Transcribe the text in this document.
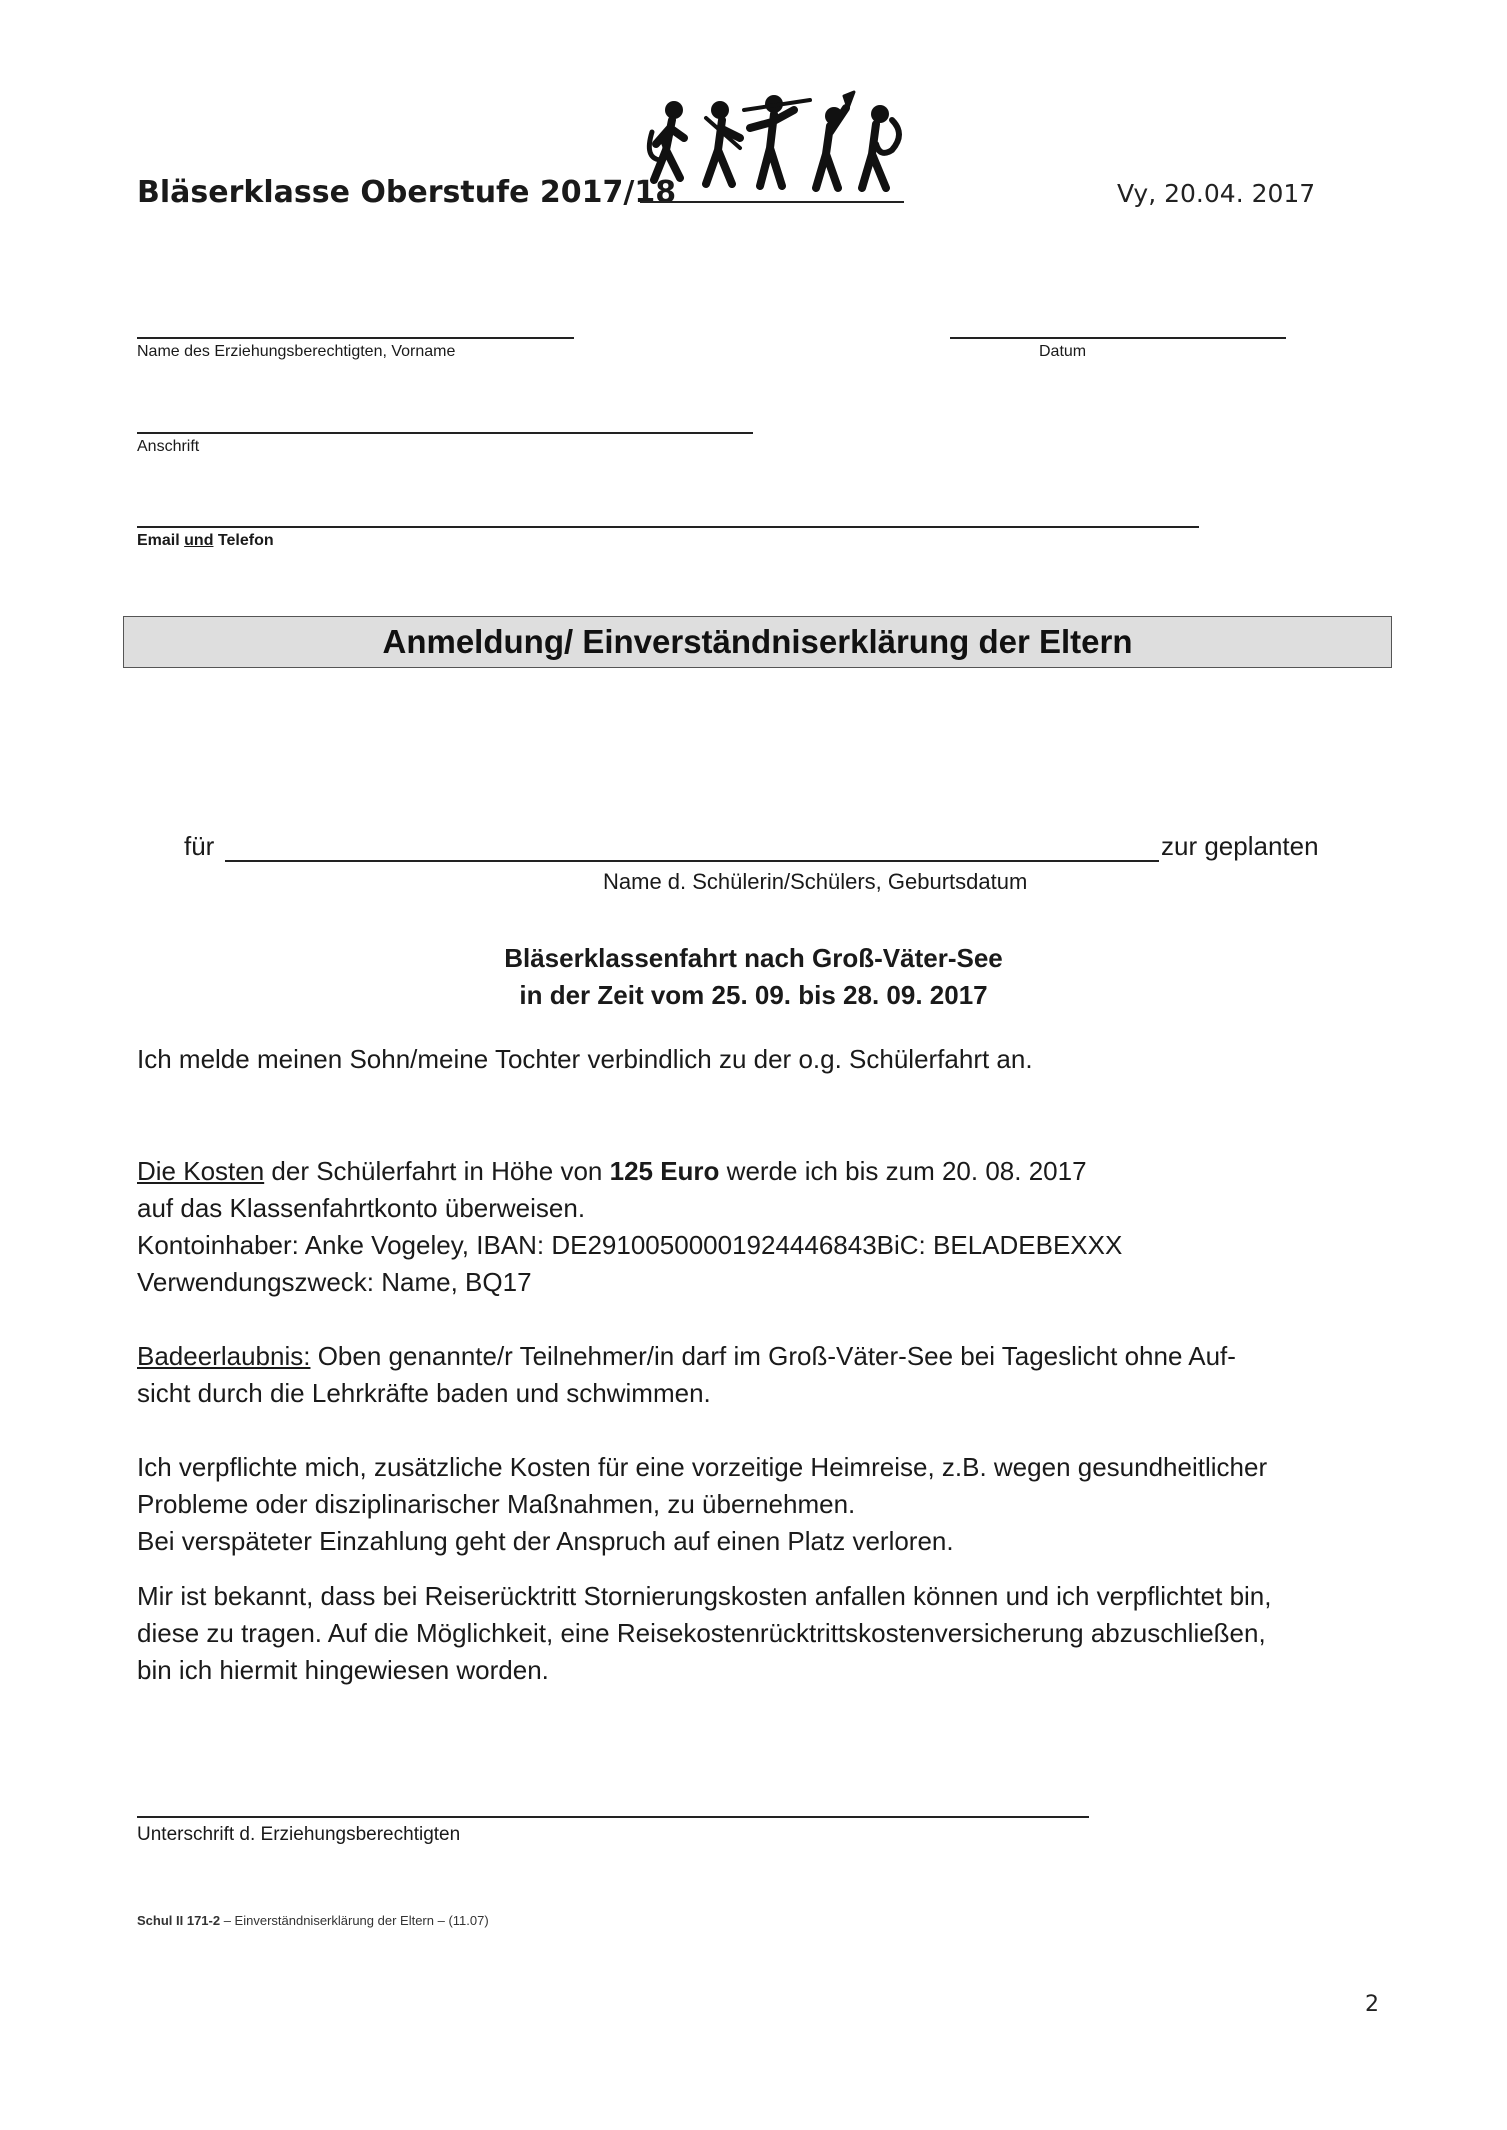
Bläserklasse Oberstufe 2017/18	Vy, 20.04. 2017
Name des Erziehungsberechtigten, Vorname	Datum
Anschrift
Email und Telefon
Anmeldung/ Einverständniserklärung der Eltern
für	zur geplanten
Name d. Schülerin/Schülers, Geburtsdatum
Bläserklassenfahrt nach Groß-Väter-See
in der Zeit vom 25. 09. bis 28. 09. 2017
Ich melde meinen Sohn/meine Tochter verbindlich zu der o.g. Schülerfahrt an.
Die Kosten der Schülerfahrt in Höhe von 125 Euro werde ich bis zum 20. 08. 2017
auf das Klassenfahrtkonto überweisen.
Kontoinhaber: Anke Vogeley, IBAN: DE29100500001924446843BiC: BELADEBEXXX
Verwendungszweck: Name, BQ17
Badeerlaubnis: Oben genannte/r Teilnehmer/in darf im Groß-Väter-See bei Tageslicht ohne Auf-
sicht durch die Lehrkräfte baden und schwimmen.
Ich verpflichte mich, zusätzliche Kosten für eine vorzeitige Heimreise, z.B. wegen gesundheitlicher
Probleme oder disziplinarischer Maßnahmen, zu übernehmen.
Bei verspäteter Einzahlung geht der Anspruch auf einen Platz verloren.
Mir ist bekannt, dass bei Reiserücktritt Stornierungskosten anfallen können und ich verpflichtet bin,
diese zu tragen. Auf die Möglichkeit, eine Reisekostenrücktrittskostenversicherung abzuschließen,
bin ich hiermit hingewiesen worden.
Unterschrift d. Erziehungsberechtigten
Schul II 171-2 – Einverständniserklärung der Eltern – (11.07)
2
